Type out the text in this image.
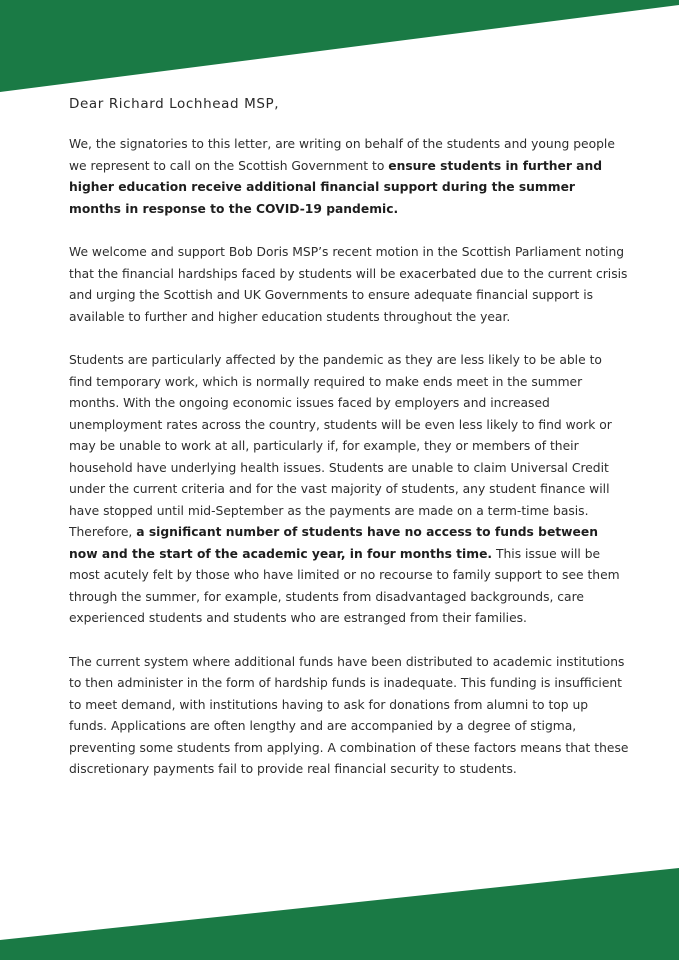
Dear Richard Lochhead MSP,

We, the signatories to this letter, are writing on behalf of the students and young people we represent to call on the Scottish Government to ensure students in further and higher education receive additional financial support during the summer months in response to the COVID-19 pandemic.

We welcome and support Bob Doris MSP’s recent motion in the Scottish Parliament noting that the financial hardships faced by students will be exacerbated due to the current crisis and urging the Scottish and UK Governments to ensure adequate financial support is available to further and higher education students throughout the year.

Students are particularly affected by the pandemic as they are less likely to be able to find temporary work, which is normally required to make ends meet in the summer months. With the ongoing economic issues faced by employers and increased unemployment rates across the country, students will be even less likely to find work or may be unable to work at all, particularly if, for example, they or members of their household have underlying health issues. Students are unable to claim Universal Credit under the current criteria and for the vast majority of students, any student finance will have stopped until mid-September as the payments are made on a term-time basis. Therefore, a significant number of students have no access to funds between now and the start of the academic year, in four months time. This issue will be most acutely felt by those who have limited or no recourse to family support to see them through the summer, for example, students from disadvantaged backgrounds, care experienced students and students who are estranged from their families.

The current system where additional funds have been distributed to academic institutions to then administer in the form of hardship funds is inadequate. This funding is insufficient to meet demand, with institutions having to ask for donations from alumni to top up funds. Applications are often lengthy and are accompanied by a degree of stigma, preventing some students from applying. A combination of these factors means that these discretionary payments fail to provide real financial security to students.
